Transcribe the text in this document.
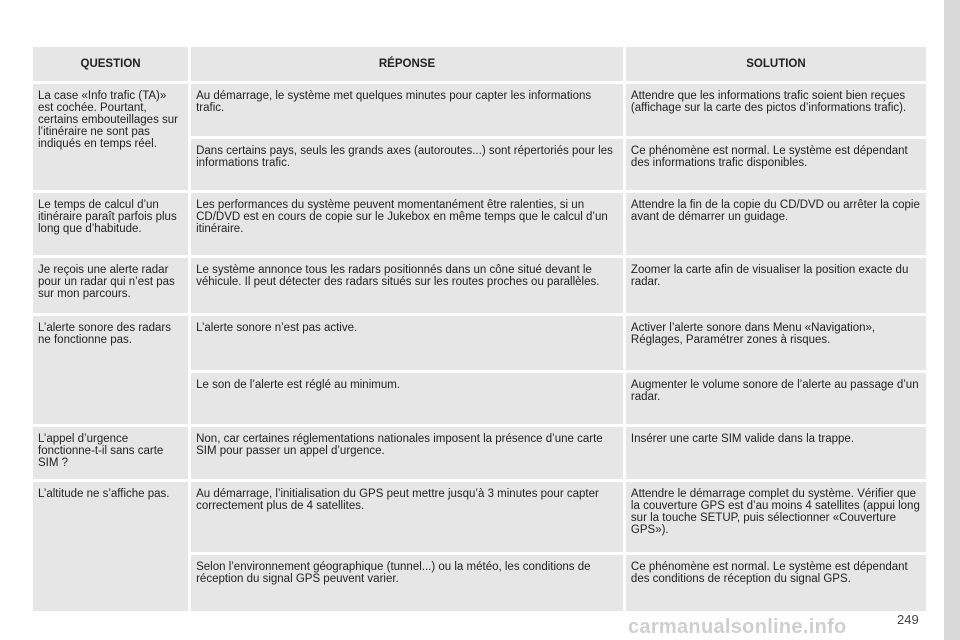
QUESTION	RÉPONSE	SOLUTION
La case «Info trafic (TA)» est cochée. Pourtant, certains embouteillages sur l’itinéraire ne sont pas indiqués en temps réel.	Au démarrage, le système met quelques minutes pour capter les informations trafic.	Attendre que les informations trafic soient bien reçues (affichage sur la carte des pictos d’informations trafic).
	Dans certains pays, seuls les grands axes (autoroutes...) sont répertoriés pour les informations trafic.	Ce phénomène est normal. Le système est dépendant des informations trafic disponibles.
Le temps de calcul d’un itinéraire paraît parfois plus long que d’habitude.	Les performances du système peuvent momentanément être ralenties, si un CD/DVD est en cours de copie sur le Jukebox en même temps que le calcul d’un itinéraire.	Attendre la fin de la copie du CD/DVD ou arrêter la copie avant de démarrer un guidage.
Je reçois une alerte radar pour un radar qui n’est pas sur mon parcours.	Le système annonce tous les radars positionnés dans un cône situé devant le véhicule. Il peut détecter des radars situés sur les routes proches ou parallèles.	Zoomer la carte afin de visualiser la position exacte du radar.
L’alerte sonore des radars ne fonctionne pas.	L’alerte sonore n’est pas active.	Activer l’alerte sonore dans Menu «Navigation», Réglages, Paramétrer zones à risques.
	Le son de l’alerte est réglé au minimum.	Augmenter le volume sonore de l’alerte au passage d’un radar.
L’appel d’urgence fonctionne-t-il sans carte SIM ?	Non, car certaines réglementations nationales imposent la présence d’une carte SIM pour passer un appel d’urgence.	Insérer une carte SIM valide dans la trappe.
L’altitude ne s’affiche pas.	Au démarrage, l’initialisation du GPS peut mettre jusqu’à 3 minutes pour capter correctement plus de 4 satellites.	Attendre le démarrage complet du système. Vérifier que la couverture GPS est d’au moins 4 satellites (appui long sur la touche SETUP, puis sélectionner «Couverture GPS»).
	Selon l’environnement géographique (tunnel...) ou la météo, les conditions de réception du signal GPS peuvent varier.	Ce phénomène est normal. Le système est dépendant des conditions de réception du signal GPS.
carmanualsonline.info	249
